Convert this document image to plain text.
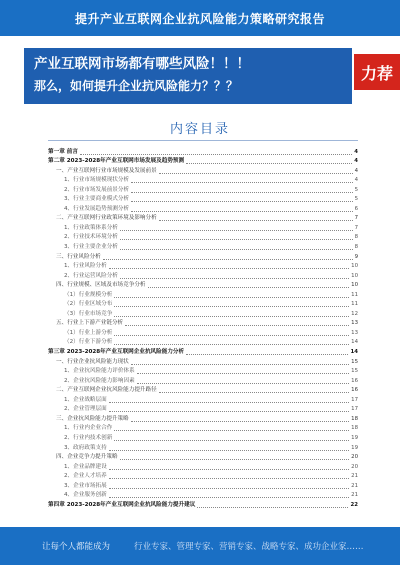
提升产业互联网企业抗风险能力策略研究报告
产业互联网市场都有哪些风险！！！
那么，如何提升企业抗风险能力？？？
力荐
内容目录
第一章 前言	4
第二章 2023-2028年产业互联网市场发展及趋势预测	4
一、产业互联网行业市场规模及发展前景	4
1、行业市场规模现状分析	4
2、行业市场发展前景分析	5
3、行业主要商业模式分析	5
4、行业发展趋势预测分析	6
二、产业互联网行业政策环境及影响分析	7
1、行业政策体系分析	7
2、行业技术环境分析	8
3、行业主要企业分析	8
三、行业风险分析	9
1、行业风险分析	10
2、行业运营风险分析	10
四、行业规模、区域及市场竞争分析	10
（1）行业规模分析	11
（2）行业区域分布	11
（3）行业市场竞争	12
五、行业上下游产业链分析	13
（1）行业上游分析	13
（2）行业下游分析	14
第三章 2023-2028年产业互联网企业抗风险能力分析	14
一、行业企业抗风险能力现状	15
1、企业抗风险能力评价体系	15
2、企业抗风险能力影响因素	16
二、产业互联网企业抗风险能力提升路径	16
1、企业战略层面	17
2、企业管理层面	17
三、企业抗风险能力提升策略	18
1、行业内企业合作	18
2、行业内技术创新	19
3、政府政策支持	19
四、企业竞争力提升策略	20
1、企业品牌建设	20
2、企业人才培养	21
3、企业市场拓展	21
4、企业服务创新	21
第四章 2023-2028年产业互联网企业抗风险能力提升建议	22
让每个人都能成为	行业专家、管理专家、营销专家、战略专家、成功企业家……
